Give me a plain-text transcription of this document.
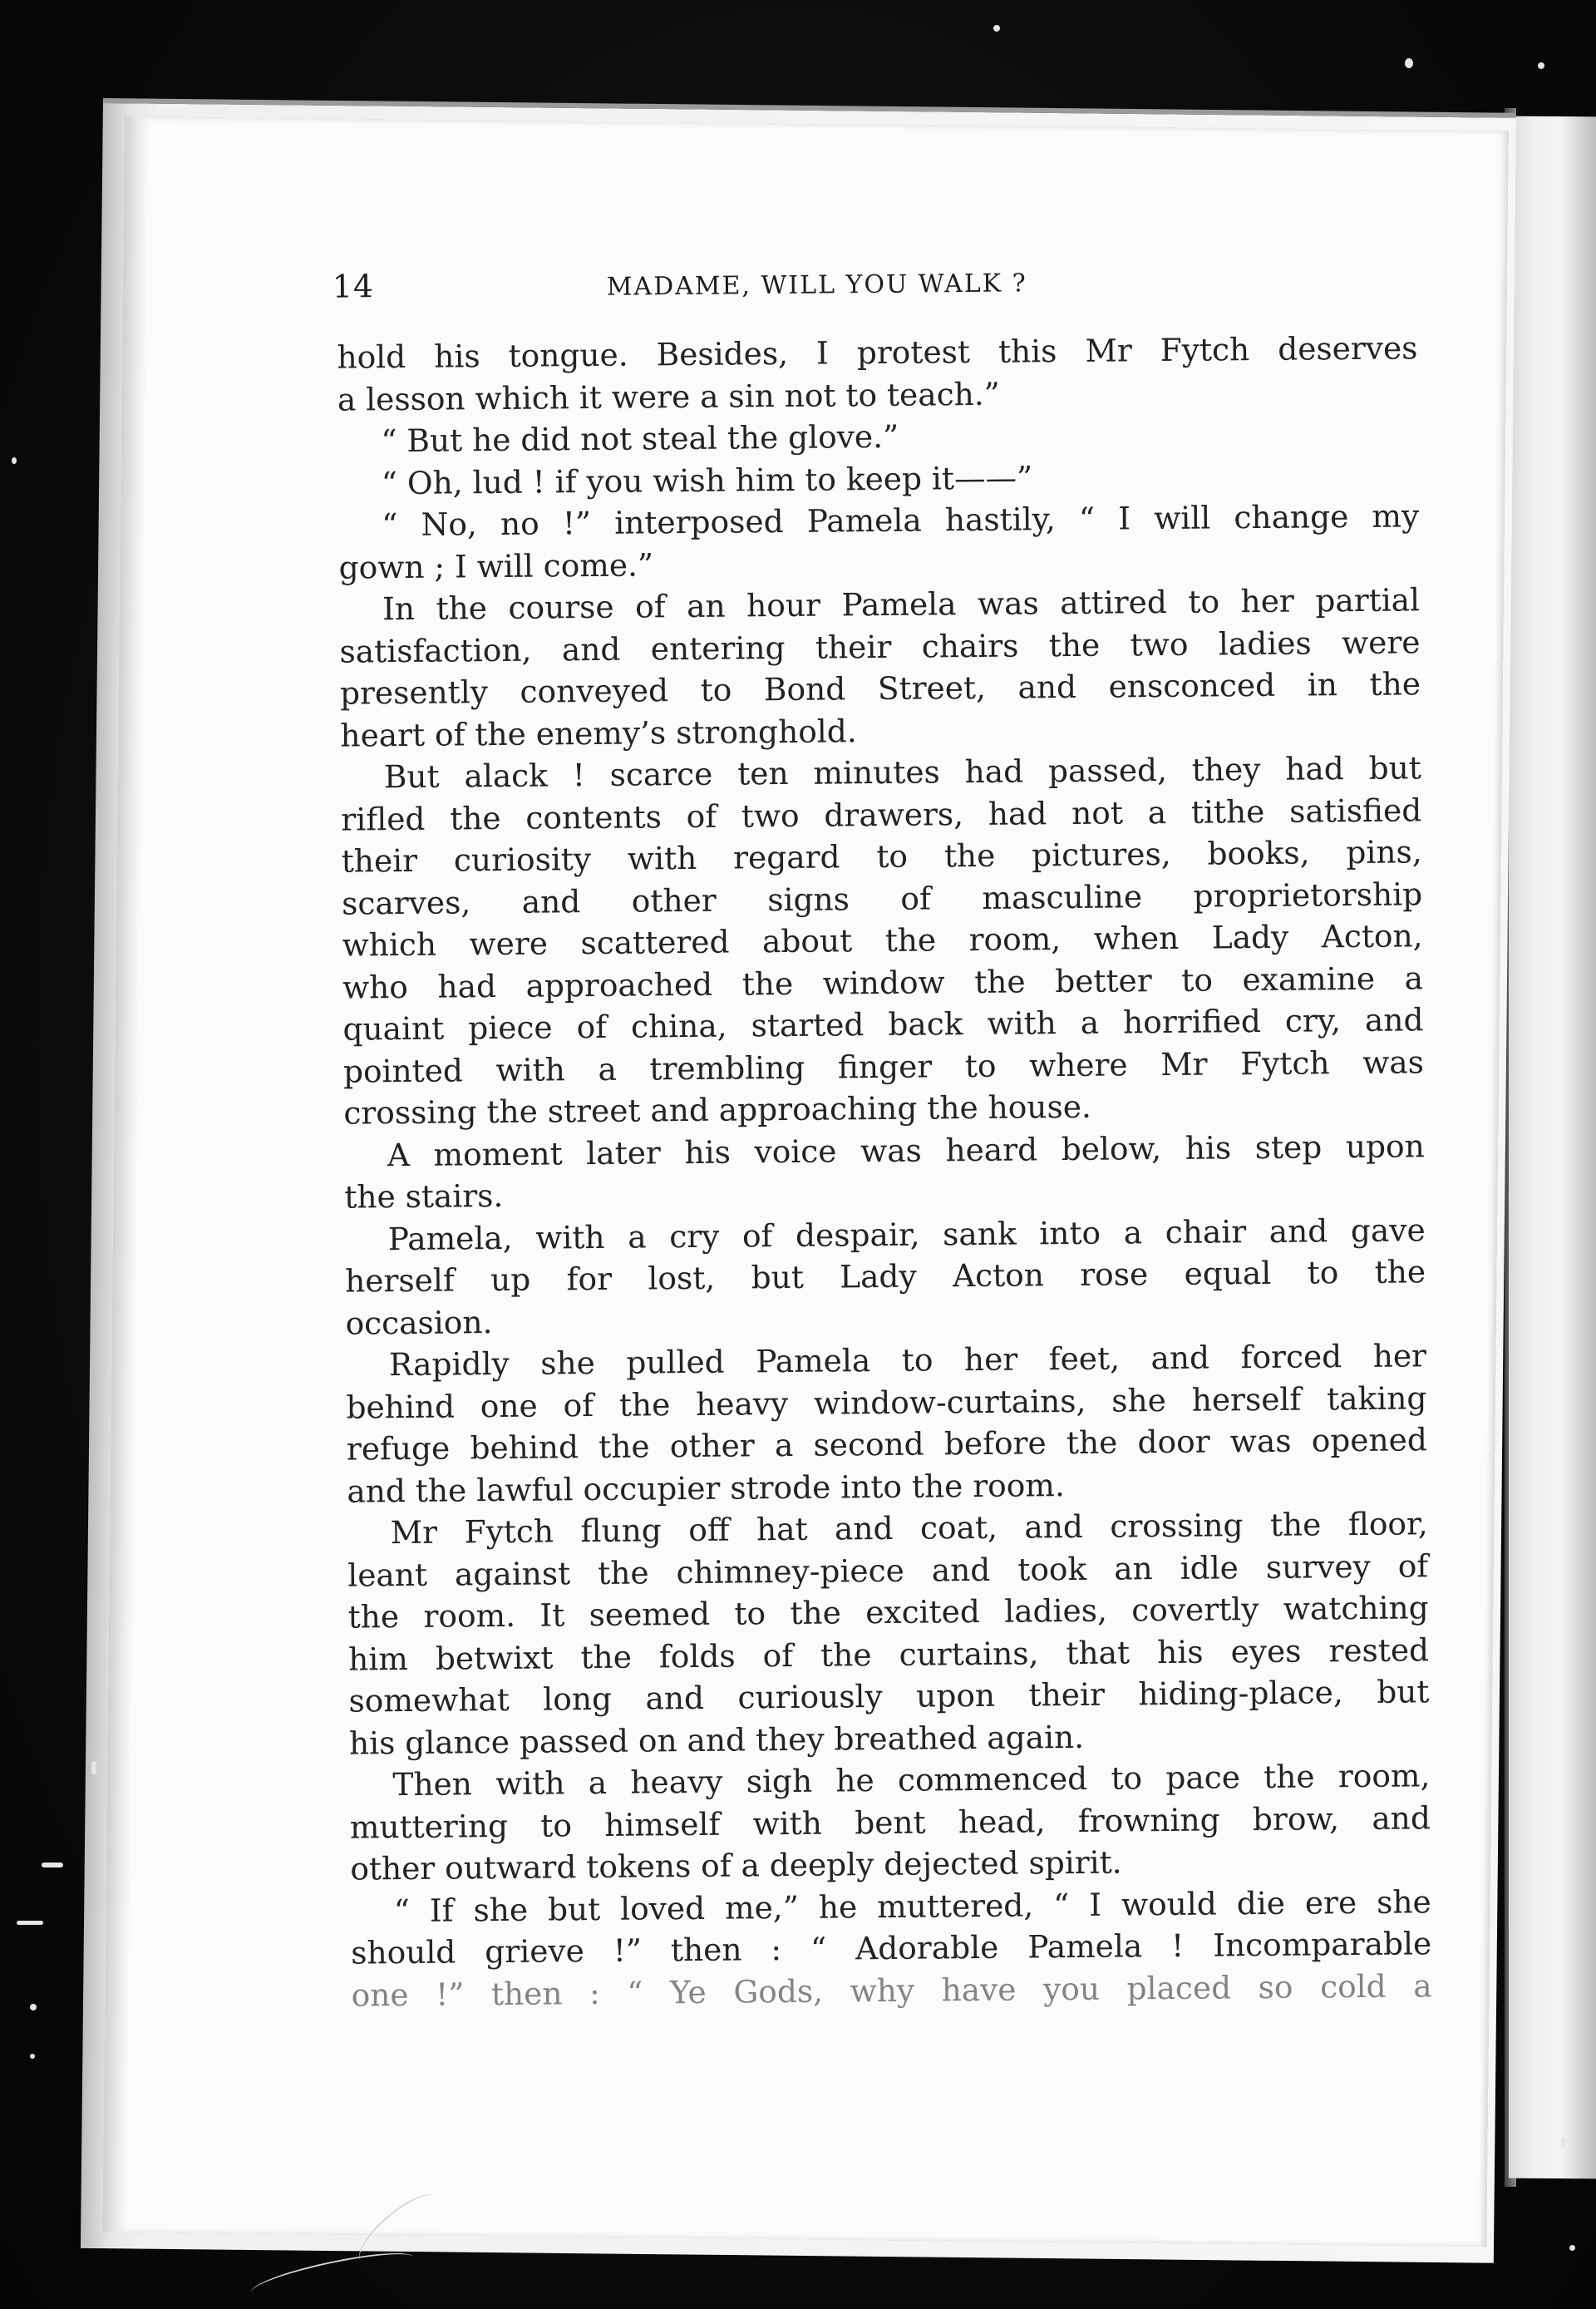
14	MADAME, WILL YOU WALK ?
hold his tongue. Besides, I protest this Mr Fytch deserves
a lesson which it were a sin not to teach.”
“ But he did not steal the glove.”
“ Oh, lud ! if you wish him to keep it——”
“ No, no !” interposed Pamela hastily, “ I will change my
gown ; I will come.”
In the course of an hour Pamela was attired to her partial
satisfaction, and entering their chairs the two ladies were
presently conveyed to Bond Street, and ensconced in the
heart of the enemy’s stronghold.
But alack ! scarce ten minutes had passed, they had but
rifled the contents of two drawers, had not a tithe satisfied
their curiosity with regard to the pictures, books, pins,
scarves, and other signs of masculine proprietorship
which were scattered about the room, when Lady Acton,
who had approached the window the better to examine a
quaint piece of china, started back with a horrified cry, and
pointed with a trembling finger to where Mr Fytch was
crossing the street and approaching the house.
A moment later his voice was heard below, his step upon
the stairs.
Pamela, with a cry of despair, sank into a chair and gave
herself up for lost, but Lady Acton rose equal to the
occasion.
Rapidly she pulled Pamela to her feet, and forced her
behind one of the heavy window-curtains, she herself taking
refuge behind the other a second before the door was opened
and the lawful occupier strode into the room.
Mr Fytch flung off hat and coat, and crossing the floor,
leant against the chimney-piece and took an idle survey of
the room. It seemed to the excited ladies, covertly watching
him betwixt the folds of the curtains, that his eyes rested
somewhat long and curiously upon their hiding-place, but
his glance passed on and they breathed again.
Then with a heavy sigh he commenced to pace the room,
muttering to himself with bent head, frowning brow, and
other outward tokens of a deeply dejected spirit.
“ If she but loved me,” he muttered, “ I would die ere she
should grieve !” then : “ Adorable Pamela ! Incomparable
one !” then : “ Ye Gods, why have you placed so cold a
